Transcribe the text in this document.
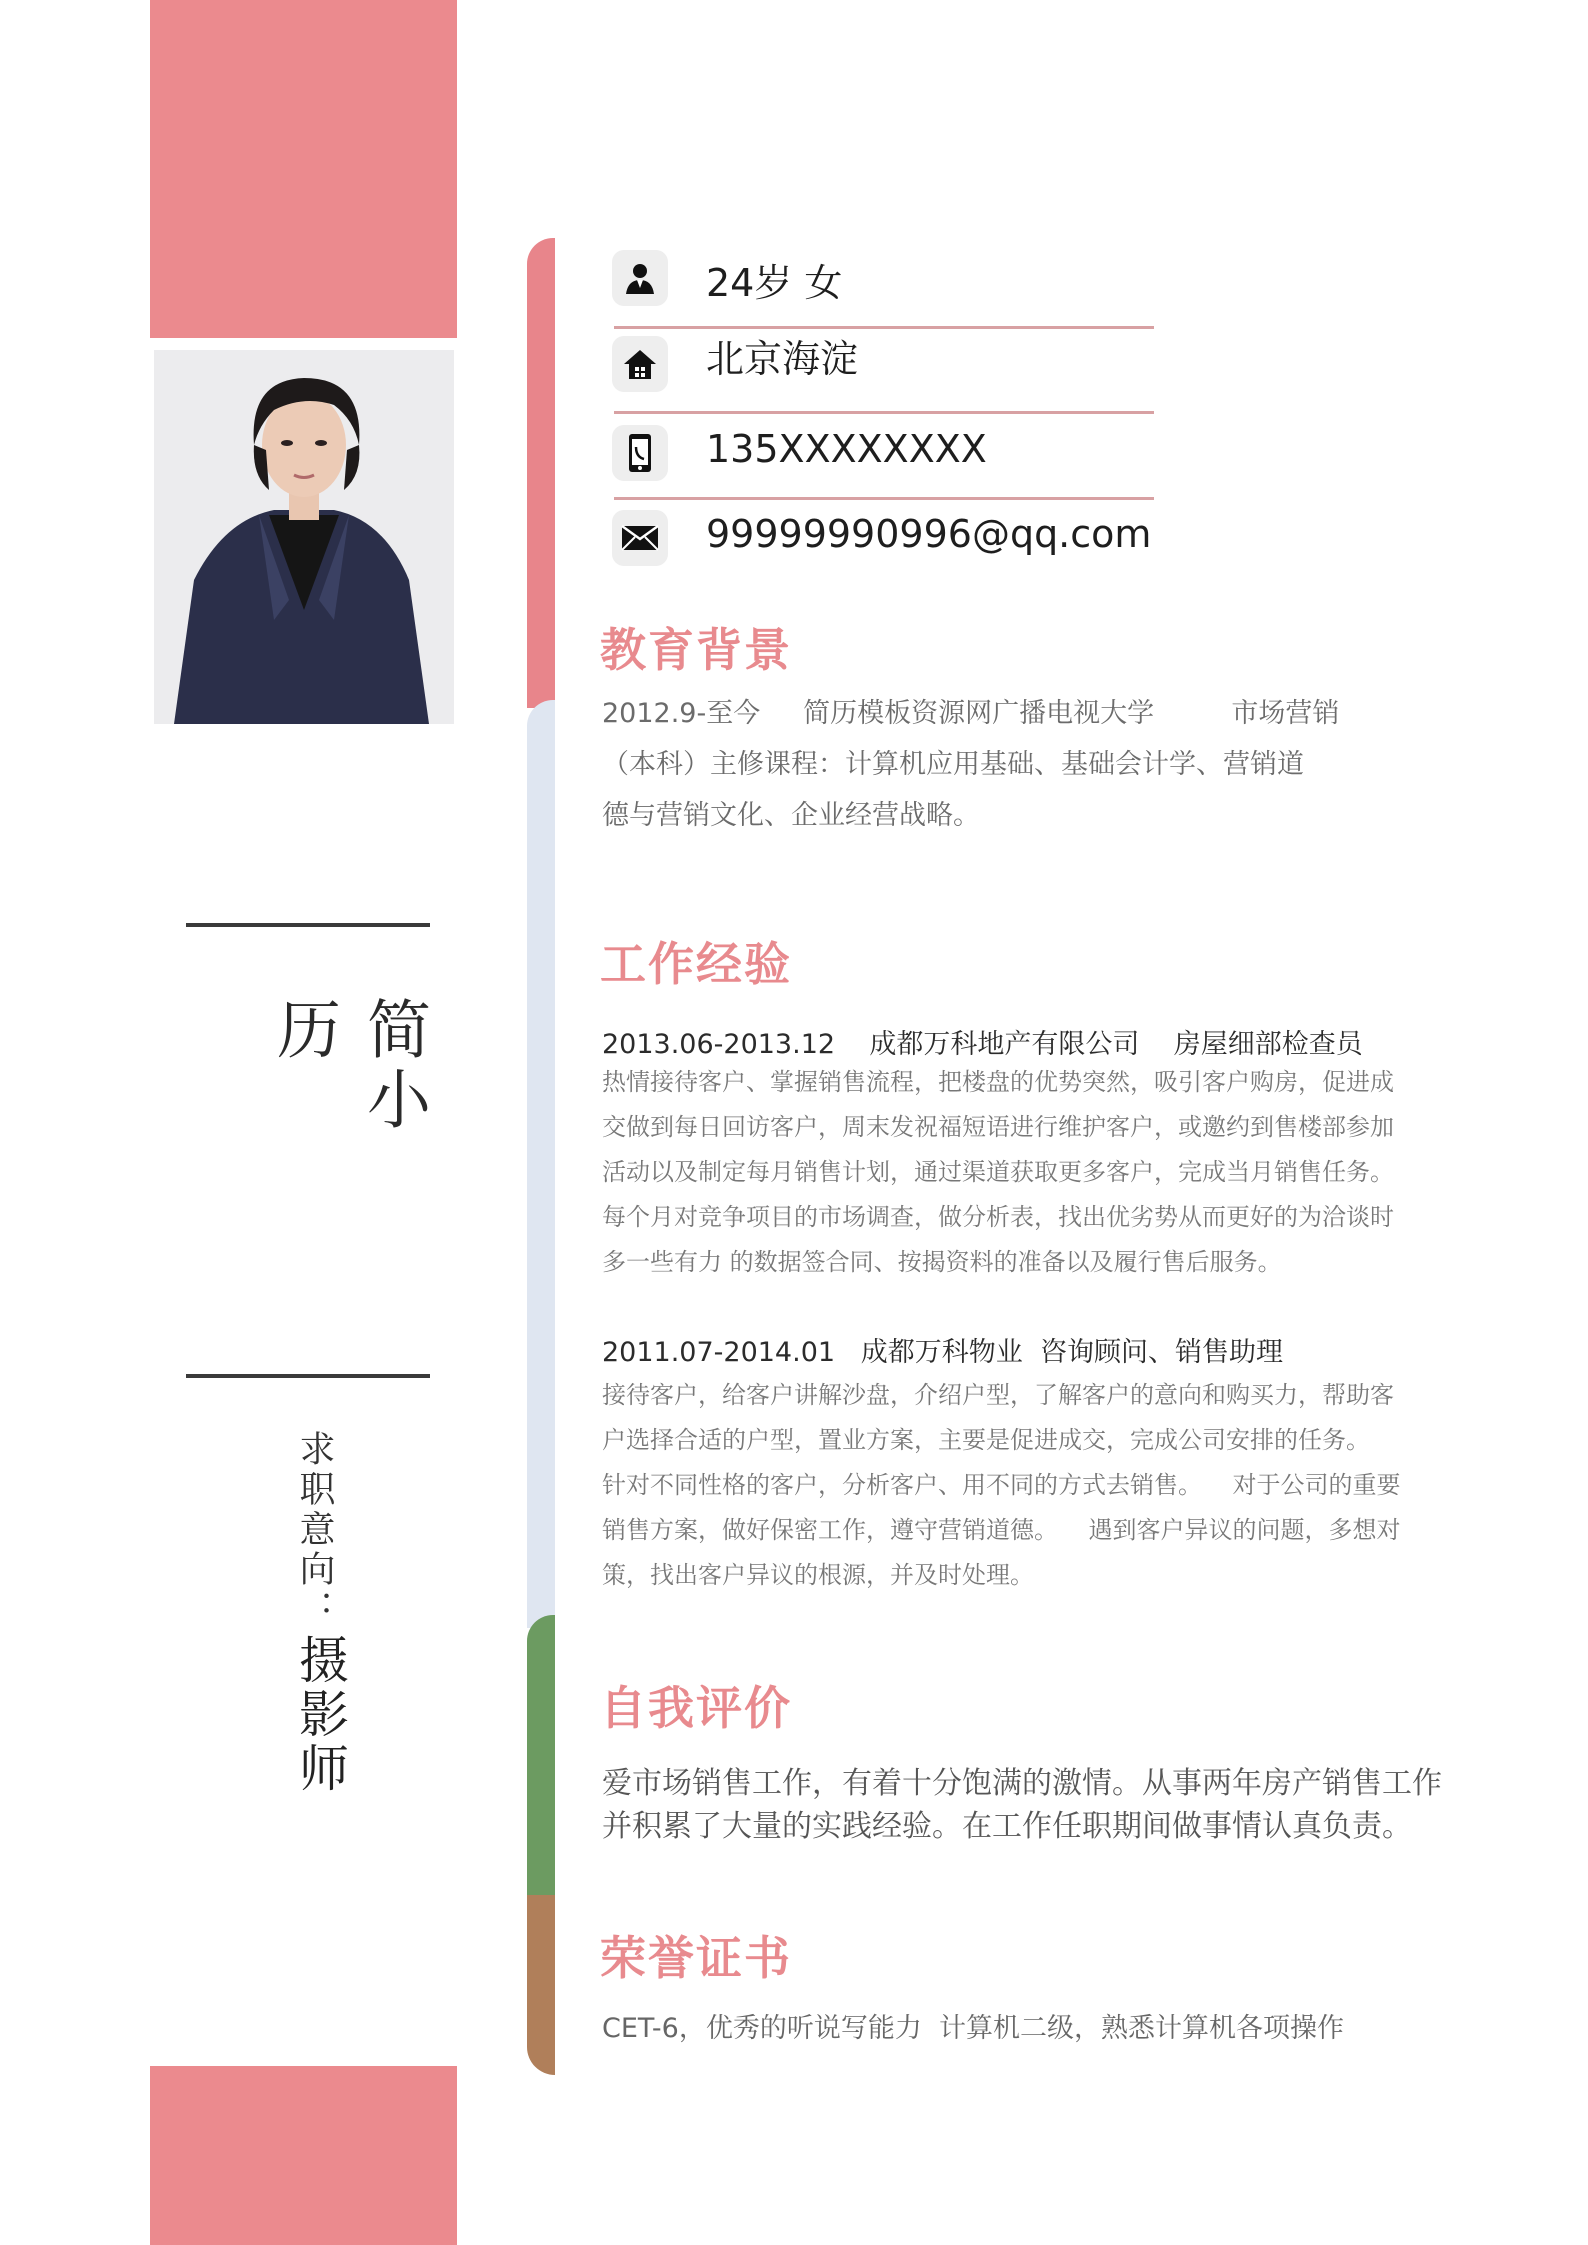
简小历
求职意向： 摄影师
24岁 女
北京海淀
135XXXXXXXX
99999990996@qq.com
教育背景
2012.9-至今     简历模板资源网广播电视大学         市场营销
（本科）主修课程：计算机应用基础、基础会计学、营销道
德与营销文化、企业经营战略。
工作经验
2013.06-2013.12    成都万科地产有限公司    房屋细部检查员
热情接待客户、掌握销售流程，把楼盘的优势突然，吸引客户购房，促进成
交做到每日回访客户，周末发祝福短语进行维护客户，或邀约到售楼部参加
活动以及制定每月销售计划，通过渠道获取更多客户，完成当月销售任务。
每个月对竞争项目的市场调查，做分析表，找出优劣势从而更好的为洽谈时
多一些有力 的数据签合同、按揭资料的准备以及履行售后服务。
2011.07-2014.01   成都万科物业  咨询顾问、销售助理
接待客户，给客户讲解沙盘，介绍户型，了解客户的意向和购买力，帮助客
户选择合适的户型，置业方案，主要是促进成交，完成公司安排的任务。
针对不同性格的客户，分析客户、用不同的方式去销售。    对于公司的重要
销售方案，做好保密工作，遵守营销道德。    遇到客户异议的问题，多想对
策，找出客户异议的根源，并及时处理。
自我评价
爱市场销售工作，有着十分饱满的激情。从事两年房产销售工作
并积累了大量的实践经验。在工作任职期间做事情认真负责。
荣誉证书
CET-6，优秀的听说写能力  计算机二级，熟悉计算机各项操作
